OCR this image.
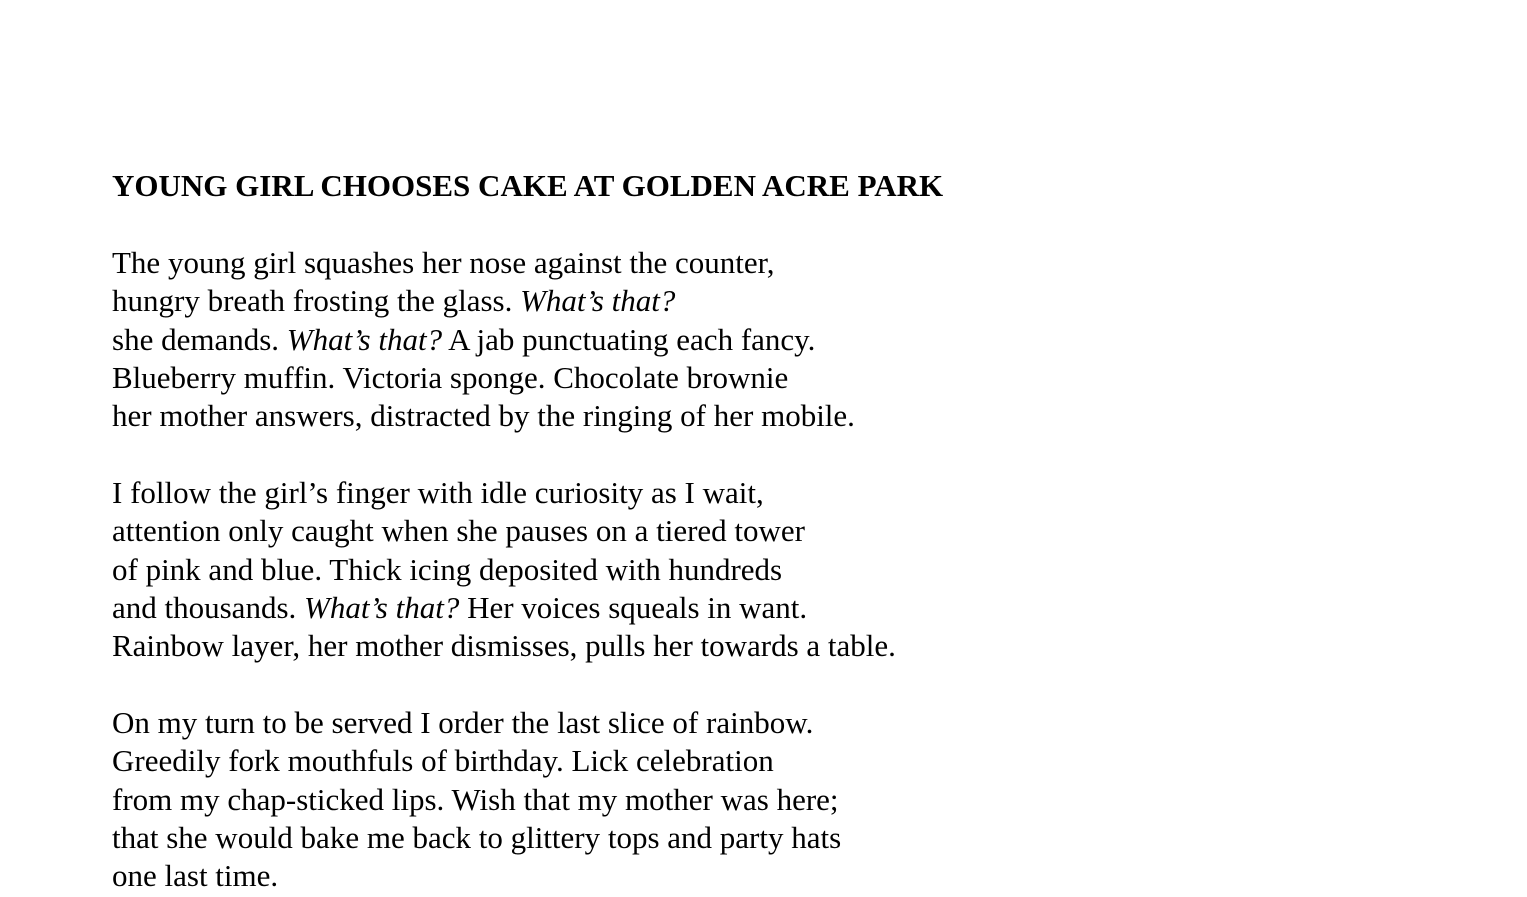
YOUNG GIRL CHOOSES CAKE AT GOLDEN ACRE PARK
The young girl squashes her nose against the counter,
hungry breath frosting the glass. What’s that?
she demands. What’s that? A jab punctuating each fancy.
Blueberry muffin. Victoria sponge. Chocolate brownie
her mother answers, distracted by the ringing of her mobile.
I follow the girl’s finger with idle curiosity as I wait,
attention only caught when she pauses on a tiered tower
of pink and blue. Thick icing deposited with hundreds
and thousands. What’s that? Her voices squeals in want.
Rainbow layer, her mother dismisses, pulls her towards a table.
On my turn to be served I order the last slice of rainbow.
Greedily fork mouthfuls of birthday. Lick celebration
from my chap-sticked lips. Wish that my mother was here;
that she would bake me back to glittery tops and party hats
one last time.
